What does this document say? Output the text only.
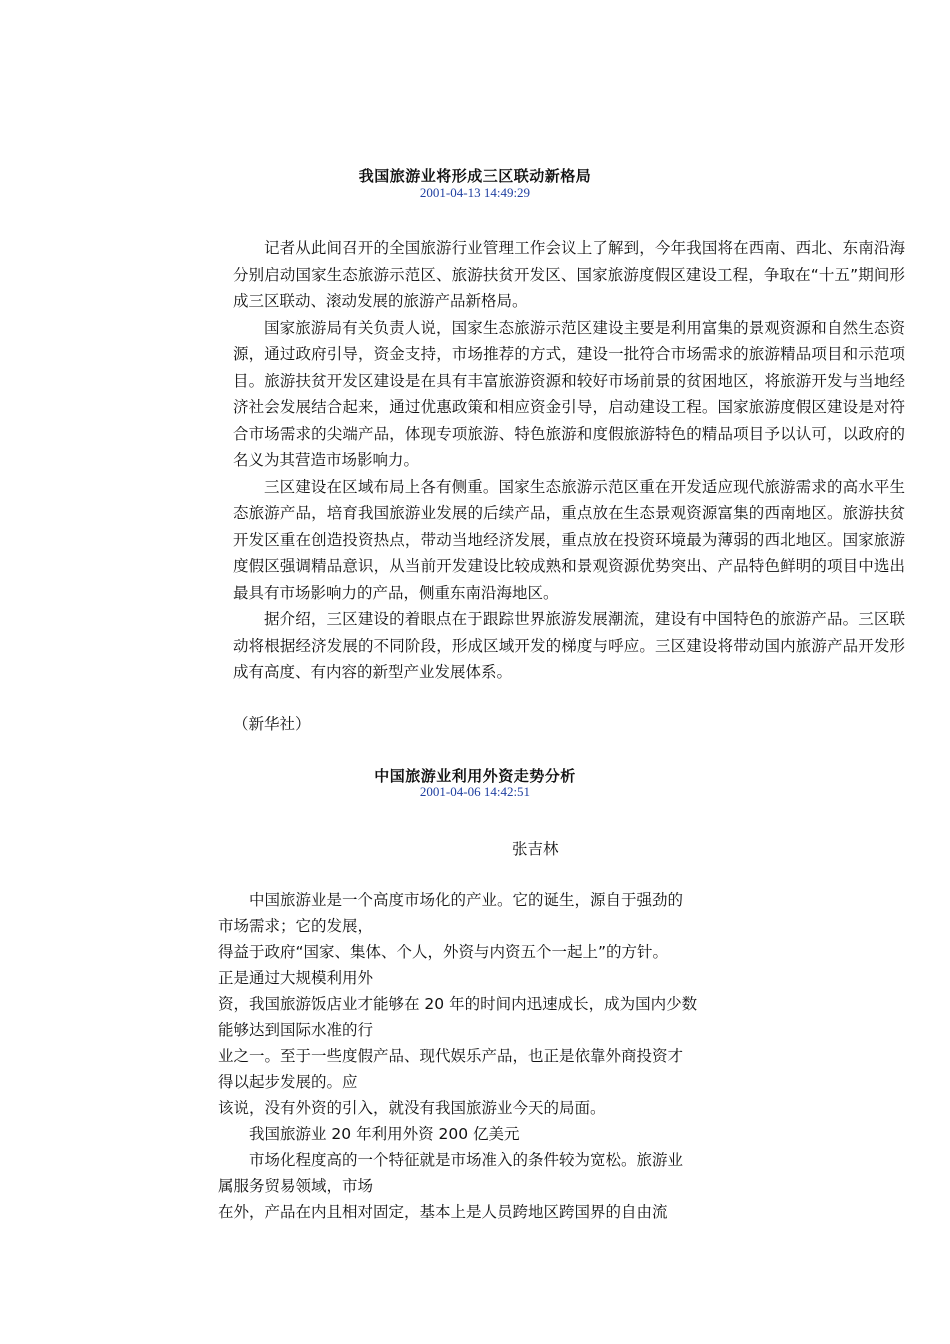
我国旅游业将形成三区联动新格局
2001-04-13 14:49:29

记者从此间召开的全国旅游行业管理工作会议上了解到，今年我国将在西南、西北、东南沿海分别启动国家生态旅游示范区、旅游扶贫开发区、国家旅游度假区建设工程，争取在“十五”期间形成三区联动、滚动发展的旅游产品新格局。

国家旅游局有关负责人说，国家生态旅游示范区建设主要是利用富集的景观资源和自然生态资源，通过政府引导，资金支持，市场推荐的方式，建设一批符合市场需求的旅游精品项目和示范项目。旅游扶贫开发区建设是在具有丰富旅游资源和较好市场前景的贫困地区，将旅游开发与当地经济社会发展结合起来，通过优惠政策和相应资金引导，启动建设工程。国家旅游度假区建设是对符合市场需求的尖端产品，体现专项旅游、特色旅游和度假旅游特色的精品项目予以认可，以政府的名义为其营造市场影响力。

三区建设在区域布局上各有侧重。国家生态旅游示范区重在开发适应现代旅游需求的高水平生态旅游产品，培育我国旅游业发展的后续产品，重点放在生态景观资源富集的西南地区。旅游扶贫开发区重在创造投资热点，带动当地经济发展，重点放在投资环境最为薄弱的西北地区。国家旅游度假区强调精品意识，从当前开发建设比较成熟和景观资源优势突出、产品特色鲜明的项目中选出最具有市场影响力的产品，侧重东南沿海地区。

据介绍，三区建设的着眼点在于跟踪世界旅游发展潮流，建设有中国特色的旅游产品。三区联动将根据经济发展的不同阶段，形成区域开发的梯度与呼应。三区建设将带动国内旅游产品开发形成有高度、有内容的新型产业发展体系。

（新华社）
中国旅游业利用外资走势分析
2001-04-06 14:42:51
张吉林
中国旅游业是一个高度市场化的产业。它的诞生，源自于强劲的
市场需求；它的发展，
得益于政府“国家、集体、个人，外资与内资五个一起上”的方针。
正是通过大规模利用外
资，我国旅游饭店业才能够在 20 年的时间内迅速成长，成为国内少数
能够达到国际水准的行
业之一。至于一些度假产品、现代娱乐产品，也正是依靠外商投资才
得以起步发展的。应
该说，没有外资的引入，就没有我国旅游业今天的局面。
我国旅游业 20 年利用外资 200 亿美元
市场化程度高的一个特征就是市场准入的条件较为宽松。旅游业
属服务贸易领域，市场
在外，产品在内且相对固定，基本上是人员跨地区跨国界的自由流
